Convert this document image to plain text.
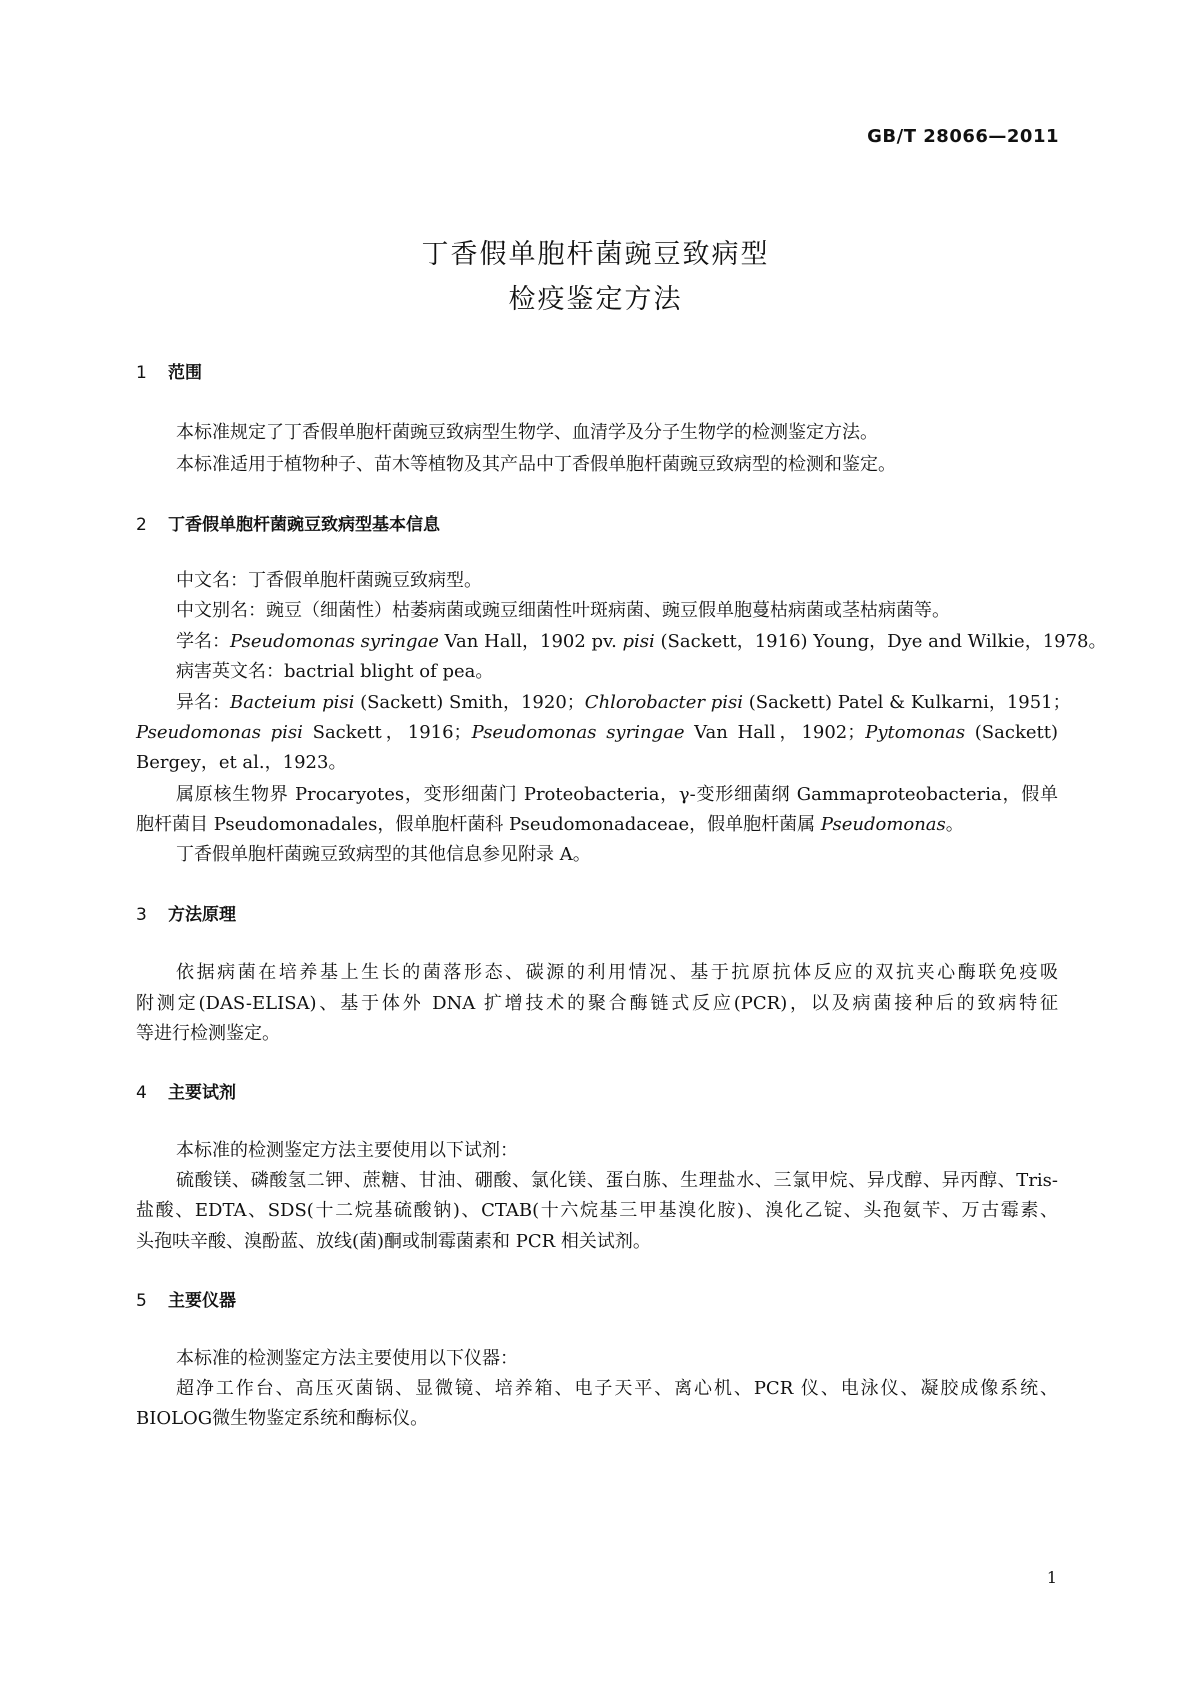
GB/T 28066—2011
丁香假单胞杆菌豌豆致病型
检疫鉴定方法
1 范围
本标准规定了丁香假单胞杆菌豌豆致病型生物学、血清学及分子生物学的检测鉴定方法。
本标准适用于植物种子、苗木等植物及其产品中丁香假单胞杆菌豌豆致病型的检测和鉴定。
2 丁香假单胞杆菌豌豆致病型基本信息
中文名：丁香假单胞杆菌豌豆致病型。
中文别名：豌豆（细菌性）枯萎病菌或豌豆细菌性叶斑病菌、豌豆假单胞蔓枯病菌或茎枯病菌等。
学名：Pseudomonas syringae Van Hall，1902 pv. pisi (Sackett，1916) Young，Dye and Wilkie，1978。
病害英文名：bactrial blight of pea。
异名：Bacteium pisi (Sackett) Smith，1920；Chlorobacter pisi (Sackett) Patel & Kulkarni，1951；
Pseudomonas pisi Sackett，1916；Pseudomonas syringae Van Hall，1902；Pytomonas (Sackett)
Bergey，et al.，1923。
属原核生物界 Procaryotes，变形细菌门 Proteobacteria，γ-变形细菌纲 Gammaproteobacteria，假单
胞杆菌目 Pseudomonadales，假单胞杆菌科 Pseudomonadaceae，假单胞杆菌属 Pseudomonas。
丁香假单胞杆菌豌豆致病型的其他信息参见附录 A。
3 方法原理
依据病菌在培养基上生长的菌落形态、碳源的利用情况、基于抗原抗体反应的双抗夹心酶联免疫吸
附测定(DAS-ELISA)、基于体外 DNA 扩增技术的聚合酶链式反应(PCR)，以及病菌接种后的致病特征
等进行检测鉴定。
4 主要试剂
本标准的检测鉴定方法主要使用以下试剂：
硫酸镁、磷酸氢二钾、蔗糖、甘油、硼酸、氯化镁、蛋白胨、生理盐水、三氯甲烷、异戊醇、异丙醇、Tris-
盐酸、EDTA、SDS(十二烷基硫酸钠)、CTAB(十六烷基三甲基溴化胺)、溴化乙锭、头孢氨苄、万古霉素、
头孢呋辛酸、溴酚蓝、放线(菌)酮或制霉菌素和 PCR 相关试剂。
5 主要仪器
本标准的检测鉴定方法主要使用以下仪器：
超净工作台、高压灭菌锅、显微镜、培养箱、电子天平、离心机、PCR 仪、电泳仪、凝胶成像系统、
BIOLOG微生物鉴定系统和酶标仪。
1
